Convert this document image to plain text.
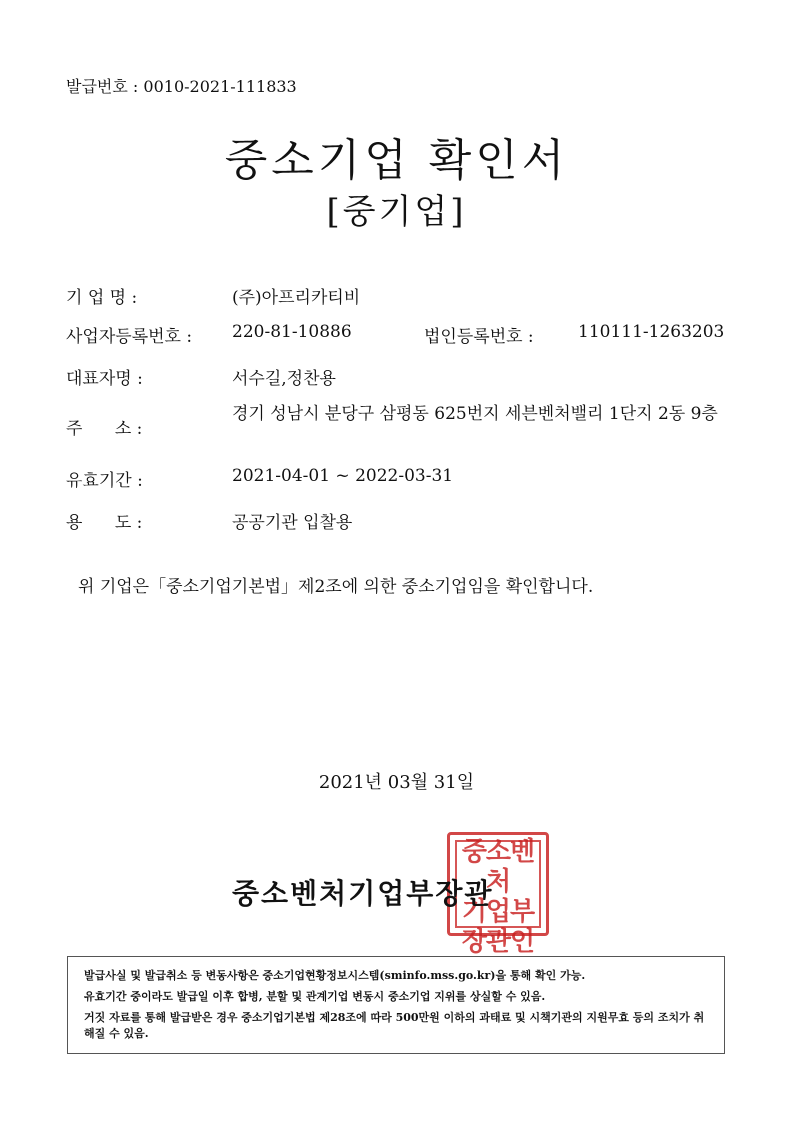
발급번호 : 0010-2021-111833
중소기업 확인서
[중기업]
기 업 명 :	(주)아프리카티비
사업자등록번호 : 220-81-10886	법인등록번호 :	110111-1263203
대표자명 :	서수길,정찬용
주      소 :
경기 성남시 분당구 삼평동 625번지 세븐벤처밸리 1단지 2동 9층
유효기간 :	2021-04-01 ~ 2022-03-31
용      도 :	공공기관 입찰용
위 기업은「중소기업기본법」제2조에 의한 중소기업임을 확인합니다.
2021년 03월 31일
중소벤처
기업부
장관인
중소벤처기업부장관
발급사실 및 발급취소 등 변동사항은 중소기업현황정보시스템(sminfo.mss.go.kr)을 통해 확인 가능.
유효기간 중이라도 발급일 이후 합병, 분할 및 관계기업 변동시 중소기업 지위를 상실할 수 있음.
거짓 자료를 통해 발급받은 경우 중소기업기본법 제28조에 따라 500만원 이하의 과태료 및 시책기관의 지원무효 등의 조치가 취해질 수 있음.
